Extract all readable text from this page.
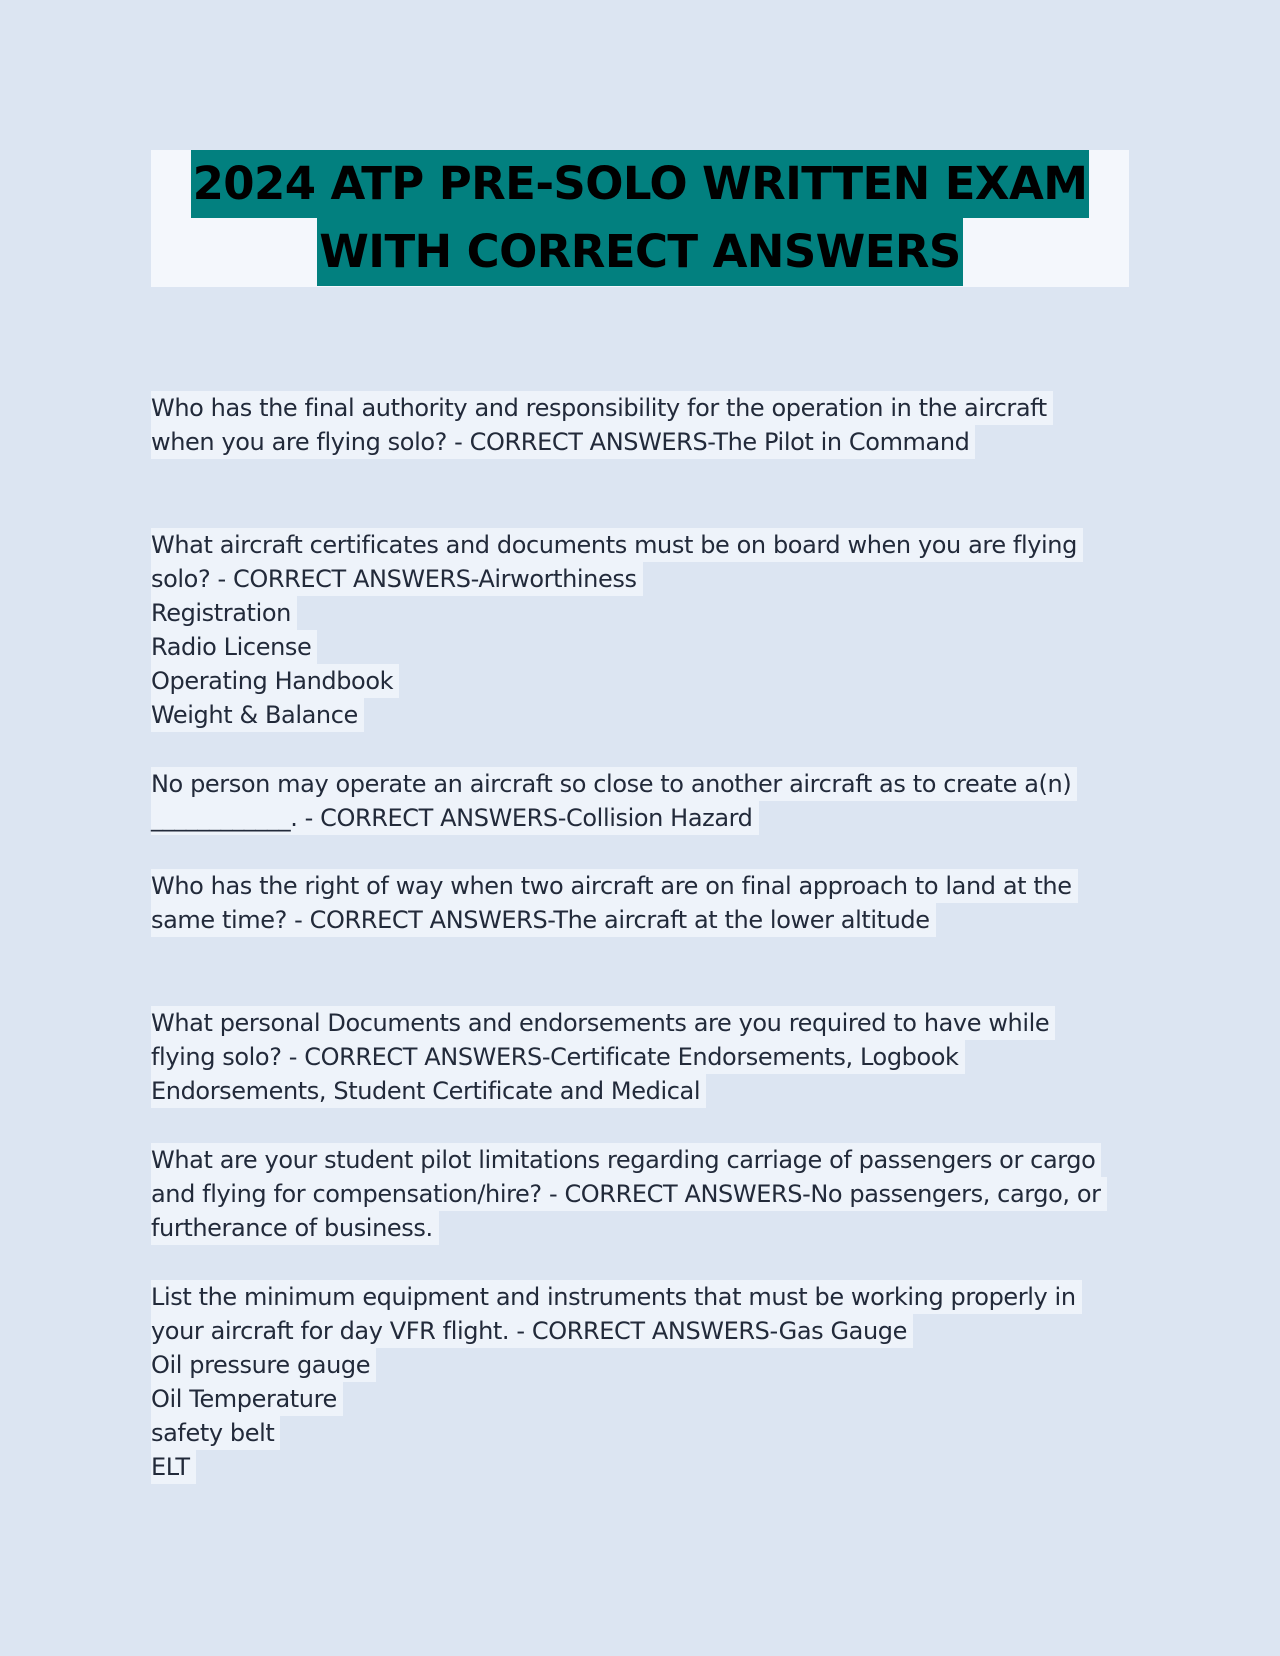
2024 ATP PRE-SOLO WRITTEN EXAM
WITH CORRECT ANSWERS
Who has the final authority and responsibility for the operation in the aircraft
when you are flying solo? - CORRECT ANSWERS-The Pilot in Command
What aircraft certificates and documents must be on board when you are flying
solo? - CORRECT ANSWERS-Airworthiness
Registration
Radio License
Operating Handbook
Weight & Balance
No person may operate an aircraft so close to another aircraft as to create a(n)
____________. - CORRECT ANSWERS-Collision Hazard
Who has the right of way when two aircraft are on final approach to land at the
same time? - CORRECT ANSWERS-The aircraft at the lower altitude
What personal Documents and endorsements are you required to have while
flying solo? - CORRECT ANSWERS-Certificate Endorsements, Logbook
Endorsements, Student Certificate and Medical
What are your student pilot limitations regarding carriage of passengers or cargo
and flying for compensation/hire? - CORRECT ANSWERS-No passengers, cargo, or
furtherance of business.
List the minimum equipment and instruments that must be working properly in
your aircraft for day VFR flight. - CORRECT ANSWERS-Gas Gauge
Oil pressure gauge
Oil Temperature
safety belt
ELT
